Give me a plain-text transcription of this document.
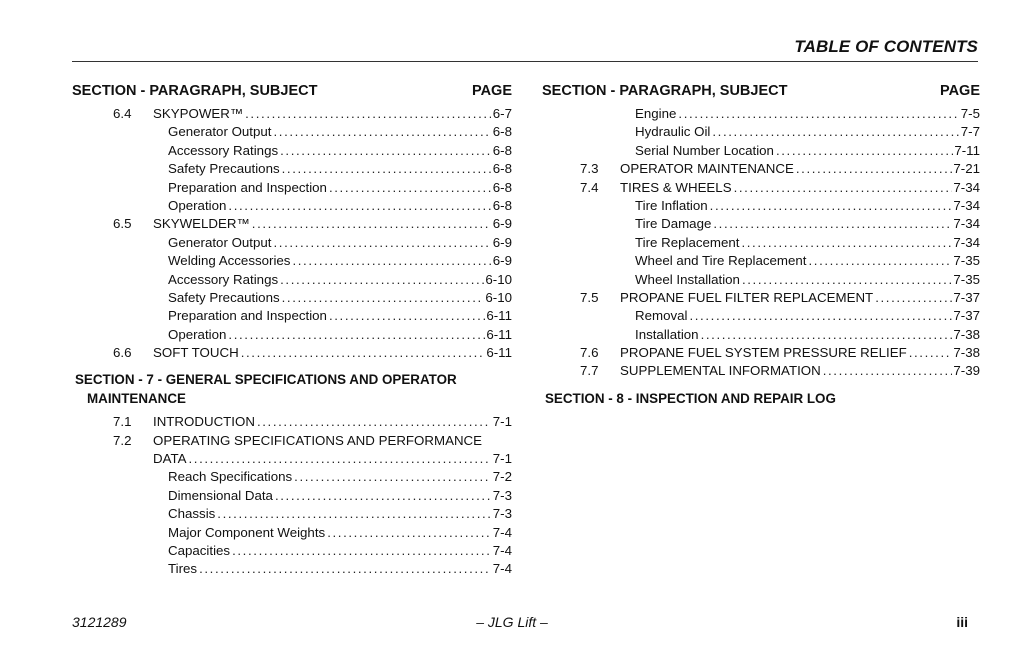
TABLE OF CONTENTS
SECTION - PARAGRAPH, SUBJECT	PAGE
6.4	SKYPOWER™ .....	6-7
Generator Output .....	6-8
Accessory Ratings .....	6-8
Safety Precautions .....	6-8
Preparation and Inspection .....	6-8
Operation .....	6-8
6.5	SKYWELDER™ .....	6-9
Generator Output .....	6-9
Welding Accessories .....	6-9
Accessory Ratings .....	6-10
Safety Precautions .....	6-10
Preparation and Inspection .....	6-11
Operation .....	6-11
6.6	SOFT TOUCH .....	6-11
SECTION - 7 - GENERAL SPECIFICATIONS AND OPERATOR
MAINTENANCE
7.1	INTRODUCTION .....	7-1
7.2	OPERATING SPECIFICATIONS AND PERFORMANCE
DATA .....	7-1
Reach Specifications .....	7-2
Dimensional Data .....	7-3
Chassis .....	7-3
Major Component Weights .....	7-4
Capacities .....	7-4
Tires .....	7-4
SECTION - PARAGRAPH, SUBJECT	PAGE
Engine .....	7-5
Hydraulic Oil .....	7-7
Serial Number Location .....	7-11
7.3	OPERATOR MAINTENANCE .....	7-21
7.4	TIRES & WHEELS .....	7-34
Tire Inflation .....	7-34
Tire Damage .....	7-34
Tire Replacement .....	7-34
Wheel and Tire Replacement .....	7-35
Wheel Installation .....	7-35
7.5	PROPANE FUEL FILTER REPLACEMENT .....	7-37
Removal .....	7-37
Installation .....	7-38
7.6	PROPANE FUEL SYSTEM PRESSURE RELIEF .....	7-38
7.7	SUPPLEMENTAL INFORMATION .....	7-39
SECTION - 8 - INSPECTION AND REPAIR LOG
3121289	– JLG Lift –	iii
